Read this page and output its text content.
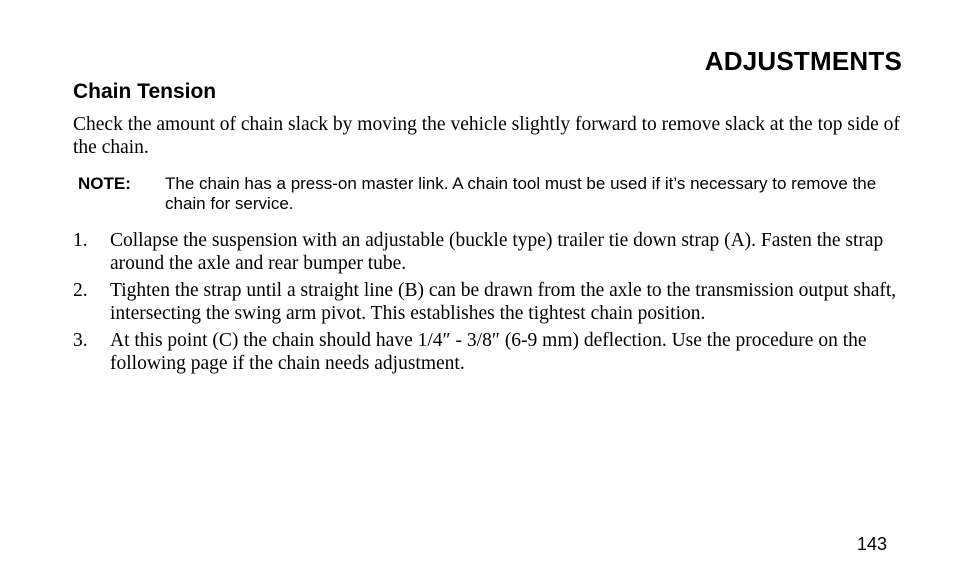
ADJUSTMENTS
Chain Tension

Check the amount of chain slack by moving the vehicle slightly forward to remove slack at the top side of the chain.

NOTE: The chain has a press-on master link. A chain tool must be used if it’s necessary to remove the chain for service.
1. Collapse the suspension with an adjustable (buckle type) trailer tie down strap (A). Fasten the strap around the axle and rear bumper tube.
2. Tighten the strap until a straight line (B) can be drawn from the axle to the transmission output shaft, intersecting the swing arm pivot. This establishes the tightest chain position.
3. At this point (C) the chain should have 1/4″ - 3/8″ (6-9 mm) deflection. Use the procedure on the following page if the chain needs adjustment.
143
